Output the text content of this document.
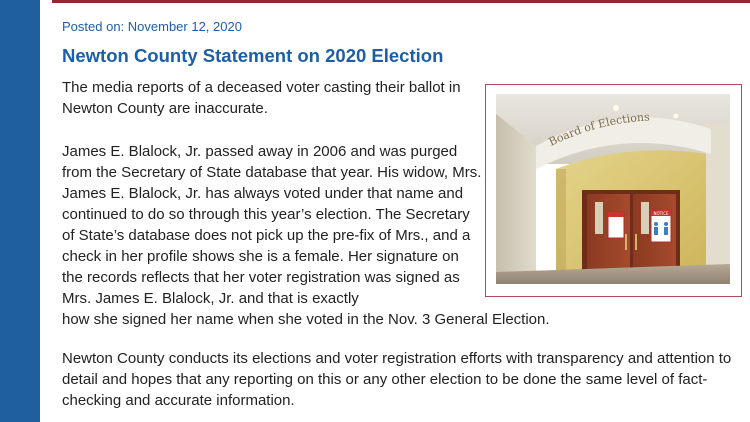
Posted on: November 12, 2020
Newton County Statement on 2020 Election

The media reports of a deceased voter casting their ballot in Newton County are inaccurate.

James E. Blalock, Jr. passed away in 2006 and was purged from the Secretary of State database that year. His widow, Mrs. James E. Blalock, Jr. has always voted under that name and continued to do so through this year’s election. The Secretary of State’s database does not pick up the pre-fix of Mrs., and a check in her profile shows she is a female. Her signature on the records reflects that her voter registration was signed as Mrs. James E. Blalock, Jr. and that is exactly
how she signed her name when she voted in the Nov. 3 General Election.

Newton County conducts its elections and voter registration efforts with transparency and attention to detail and hopes that any reporting on this or any other election to be done the same level of fact-checking and accurate information.

Board of Elections
NOTICE
